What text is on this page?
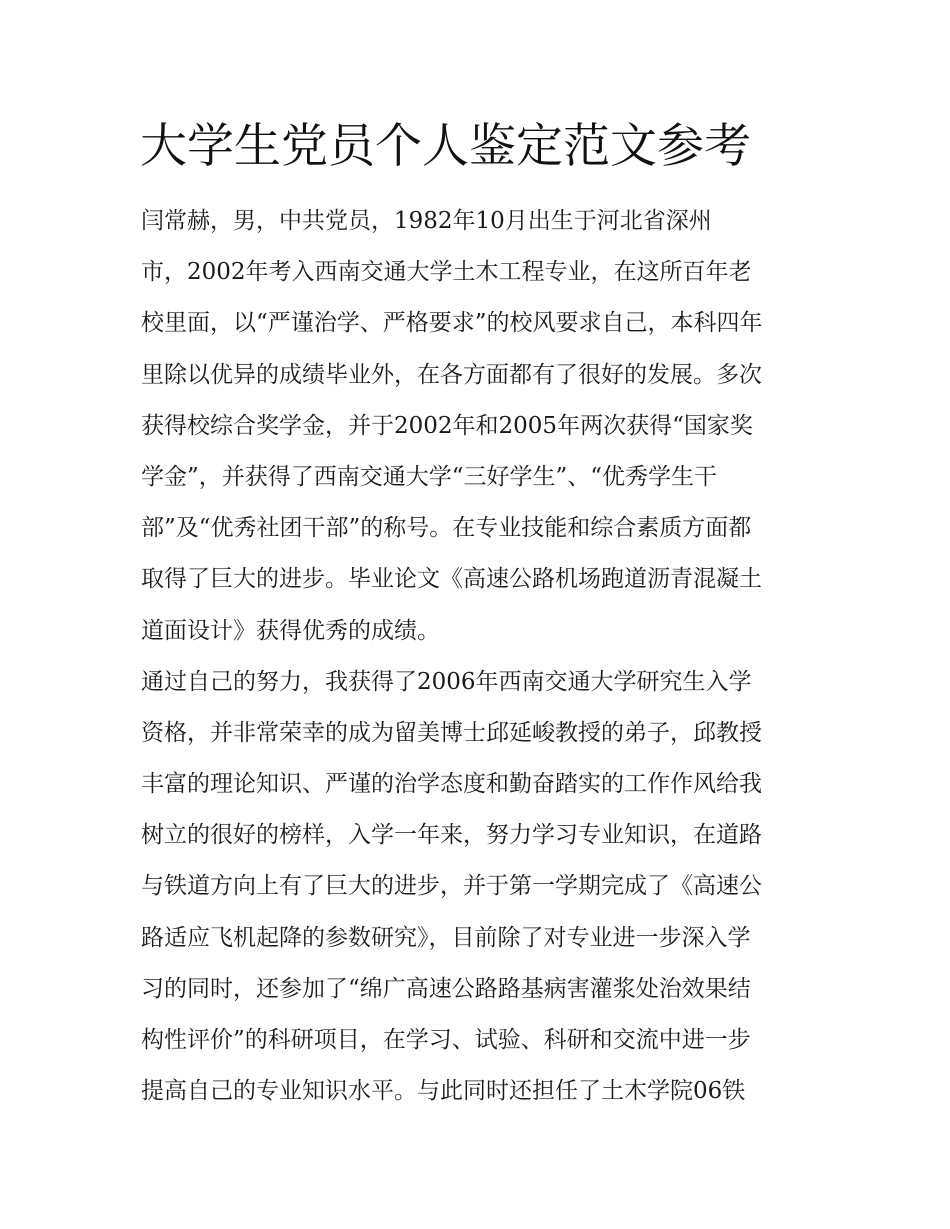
大学生党员个人鉴定范文参考
闫常赫，男，中共党员，1982年10月出生于河北省深州
市，2002年考入西南交通大学土木工程专业，在这所百年老
校里面，以“严谨治学、严格要求”的校风要求自己，本科四年
里除以优异的成绩毕业外，在各方面都有了很好的发展。多次
获得校综合奖学金，并于2002年和2005年两次获得“国家奖
学金”，并获得了西南交通大学“三好学生”、“优秀学生干
部”及“优秀社团干部”的称号。在专业技能和综合素质方面都
取得了巨大的进步。毕业论文《高速公路机场跑道沥青混凝土
道面设计》获得优秀的成绩。
通过自己的努力，我获得了2006年西南交通大学研究生入学
资格，并非常荣幸的成为留美博士邱延峻教授的弟子，邱教授
丰富的理论知识、严谨的治学态度和勤奋踏实的工作作风给我
树立的很好的榜样，入学一年来，努力学习专业知识，在道路
与铁道方向上有了巨大的进步，并于第一学期完成了《高速公
路适应飞机起降的参数研究》，目前除了对专业进一步深入学
习的同时，还参加了“绵广高速公路路基病害灌浆处治效果结
构性评价”的科研项目，在学习、试验、科研和交流中进一步
提高自己的专业知识水平。与此同时还担任了土木学院06铁
